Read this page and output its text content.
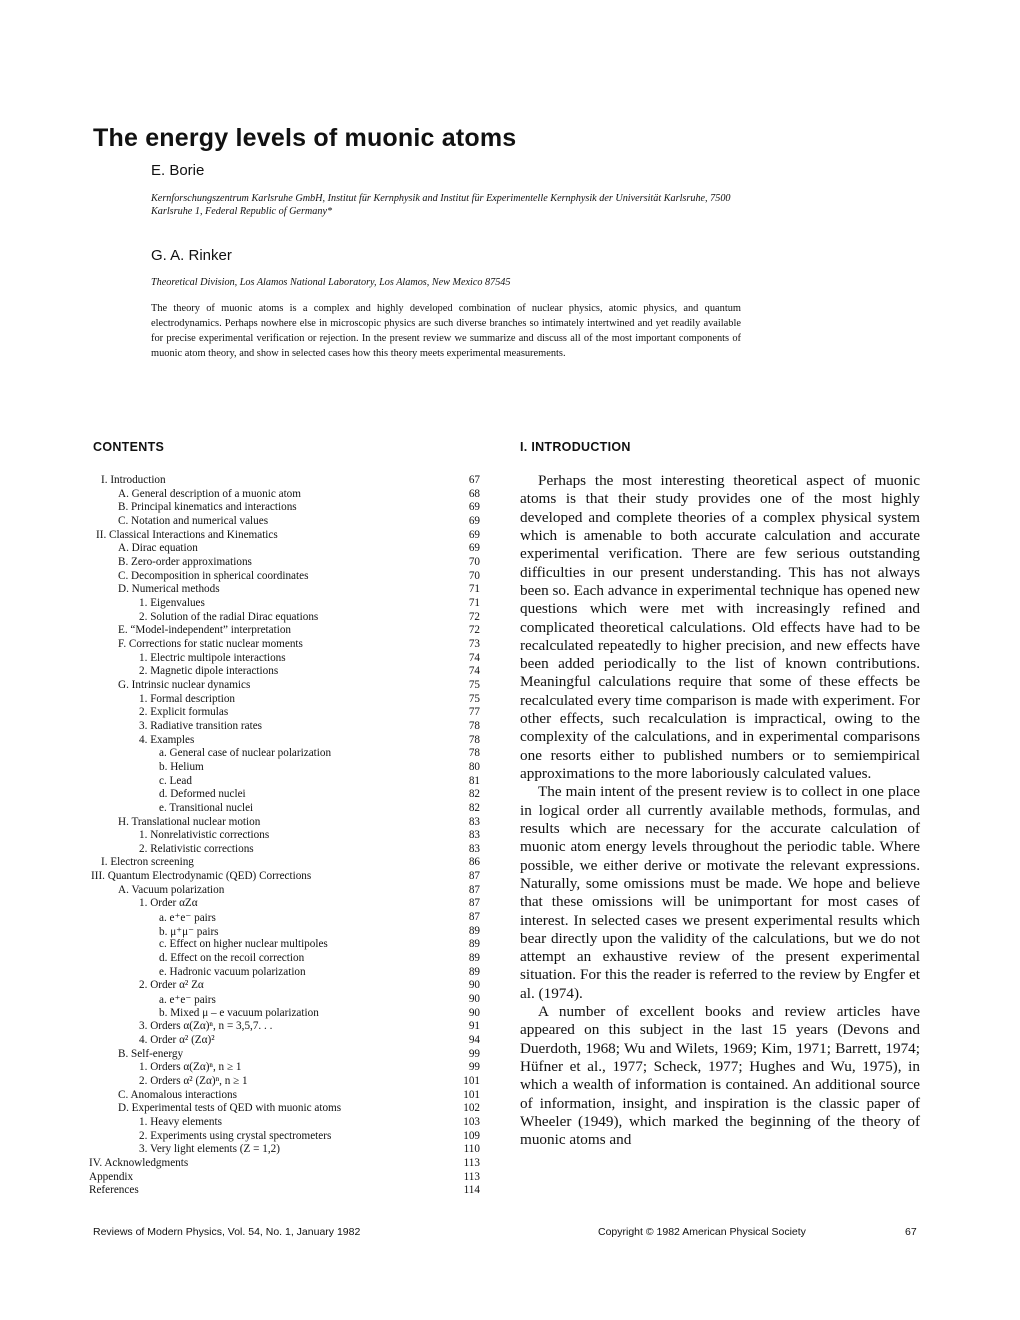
The energy levels of muonic atoms
E. Borie
Kernforschungszentrum Karlsruhe GmbH, Institut für Kernphysik and Institut für Experimentelle Kernphysik der Universität Karlsruhe, 7500 Karlsruhe 1, Federal Republic of Germany*
G. A. Rinker
Theoretical Division, Los Alamos National Laboratory, Los Alamos, New Mexico 87545
The theory of muonic atoms is a complex and highly developed combination of nuclear physics, atomic physics, and quantum electrodynamics. Perhaps nowhere else in microscopic physics are such diverse branches so intimately intertwined and yet readily available for precise experimental verification or rejection. In the present review we summarize and discuss all of the most important components of muonic atom theory, and show in selected cases how this theory meets experimental measurements.
CONTENTS	I. INTRODUCTION
I. Introduction	67
A. General description of a muonic atom	68
B. Principal kinematics and interactions	69
C. Notation and numerical values	69
II. Classical Interactions and Kinematics	69
A. Dirac equation	69
B. Zero-order approximations	70
C. Decomposition in spherical coordinates	70
D. Numerical methods	71
1. Eigenvalues	71
2. Solution of the radial Dirac equations	72
E. “Model-independent” interpretation	72
F. Corrections for static nuclear moments	73
1. Electric multipole interactions	74
2. Magnetic dipole interactions	74
G. Intrinsic nuclear dynamics	75
1. Formal description	75
2. Explicit formulas	77
3. Radiative transition rates	78
4. Examples	78
a. General case of nuclear polarization	78
b. Helium	80
c. Lead	81
d. Deformed nuclei	82
e. Transitional nuclei	82
H. Translational nuclear motion	83
1. Nonrelativistic corrections	83
2. Relativistic corrections	83
I. Electron screening	86
III. Quantum Electrodynamic (QED) Corrections	87
A. Vacuum polarization	87
1. Order αZα	87
a. e⁺e⁻ pairs	87
b. μ⁺μ⁻ pairs	89
c. Effect on higher nuclear multipoles	89
d. Effect on the recoil correction	89
e. Hadronic vacuum polarization	89
2. Order α² Zα	90
a. e⁺e⁻ pairs	90
b. Mixed μ – e vacuum polarization	90
3. Orders α(Zα)ⁿ, n = 3,5,7. . .	91
4. Order α² (Zα)²	94
B. Self-energy	99
1. Orders α(Zα)ⁿ, n ≥ 1	99
2. Orders α² (Zα)ⁿ, n ≥ 1	101
C. Anomalous interactions	101
D. Experimental tests of QED with muonic atoms	102
1. Heavy elements	103
2. Experiments using crystal spectrometers	109
3. Very light elements (Z = 1,2)	110
IV. Acknowledgments	113
Appendix	113
References	114

Perhaps the most interesting theoretical aspect of muonic atoms is that their study provides one of the most highly developed and complete theories of a complex physical system which is amenable to both accurate calculation and accurate experimental verification. There are few serious outstanding difficulties in our present understanding. This has not always been so. Each advance in experimental technique has opened new questions which were met with increasingly refined and complicated theoretical calculations. Old effects have had to be recalculated repeatedly to higher precision, and new effects have been added periodically to the list of known contributions. Meaningful calculations require that some of these effects be recalculated every time comparison is made with experiment. For other effects, such recalculation is impractical, owing to the complexity of the calculations, and in experimental comparisons one resorts either to published numbers or to semiempirical approximations to the more laboriously calculated values.

The main intent of the present review is to collect in one place in logical order all currently available methods, formulas, and results which are necessary for the accurate calculation of muonic atom energy levels throughout the periodic table. Where possible, we either derive or motivate the relevant expressions. Naturally, some omissions must be made. We hope and believe that these omissions will be unimportant for most cases of interest. In selected cases we present experimental results which bear directly upon the validity of the calculations, but we do not attempt an exhaustive review of the present experimental situation. For this the reader is referred to the review by Engfer et al. (1974).

A number of excellent books and review articles have appeared on this subject in the last 15 years (Devons and Duerdoth, 1968; Wu and Wilets, 1969; Kim, 1971; Barrett, 1974; Hüfner et al., 1977; Scheck, 1977; Hughes and Wu, 1975), in which a wealth of information is contained. An additional source of information, insight, and inspiration is the classic paper of Wheeler (1949), which marked the beginning of the theory of muonic atoms and

Reviews of Modern Physics, Vol. 54, No. 1, January 1982	Copyright © 1982 American Physical Society	67
